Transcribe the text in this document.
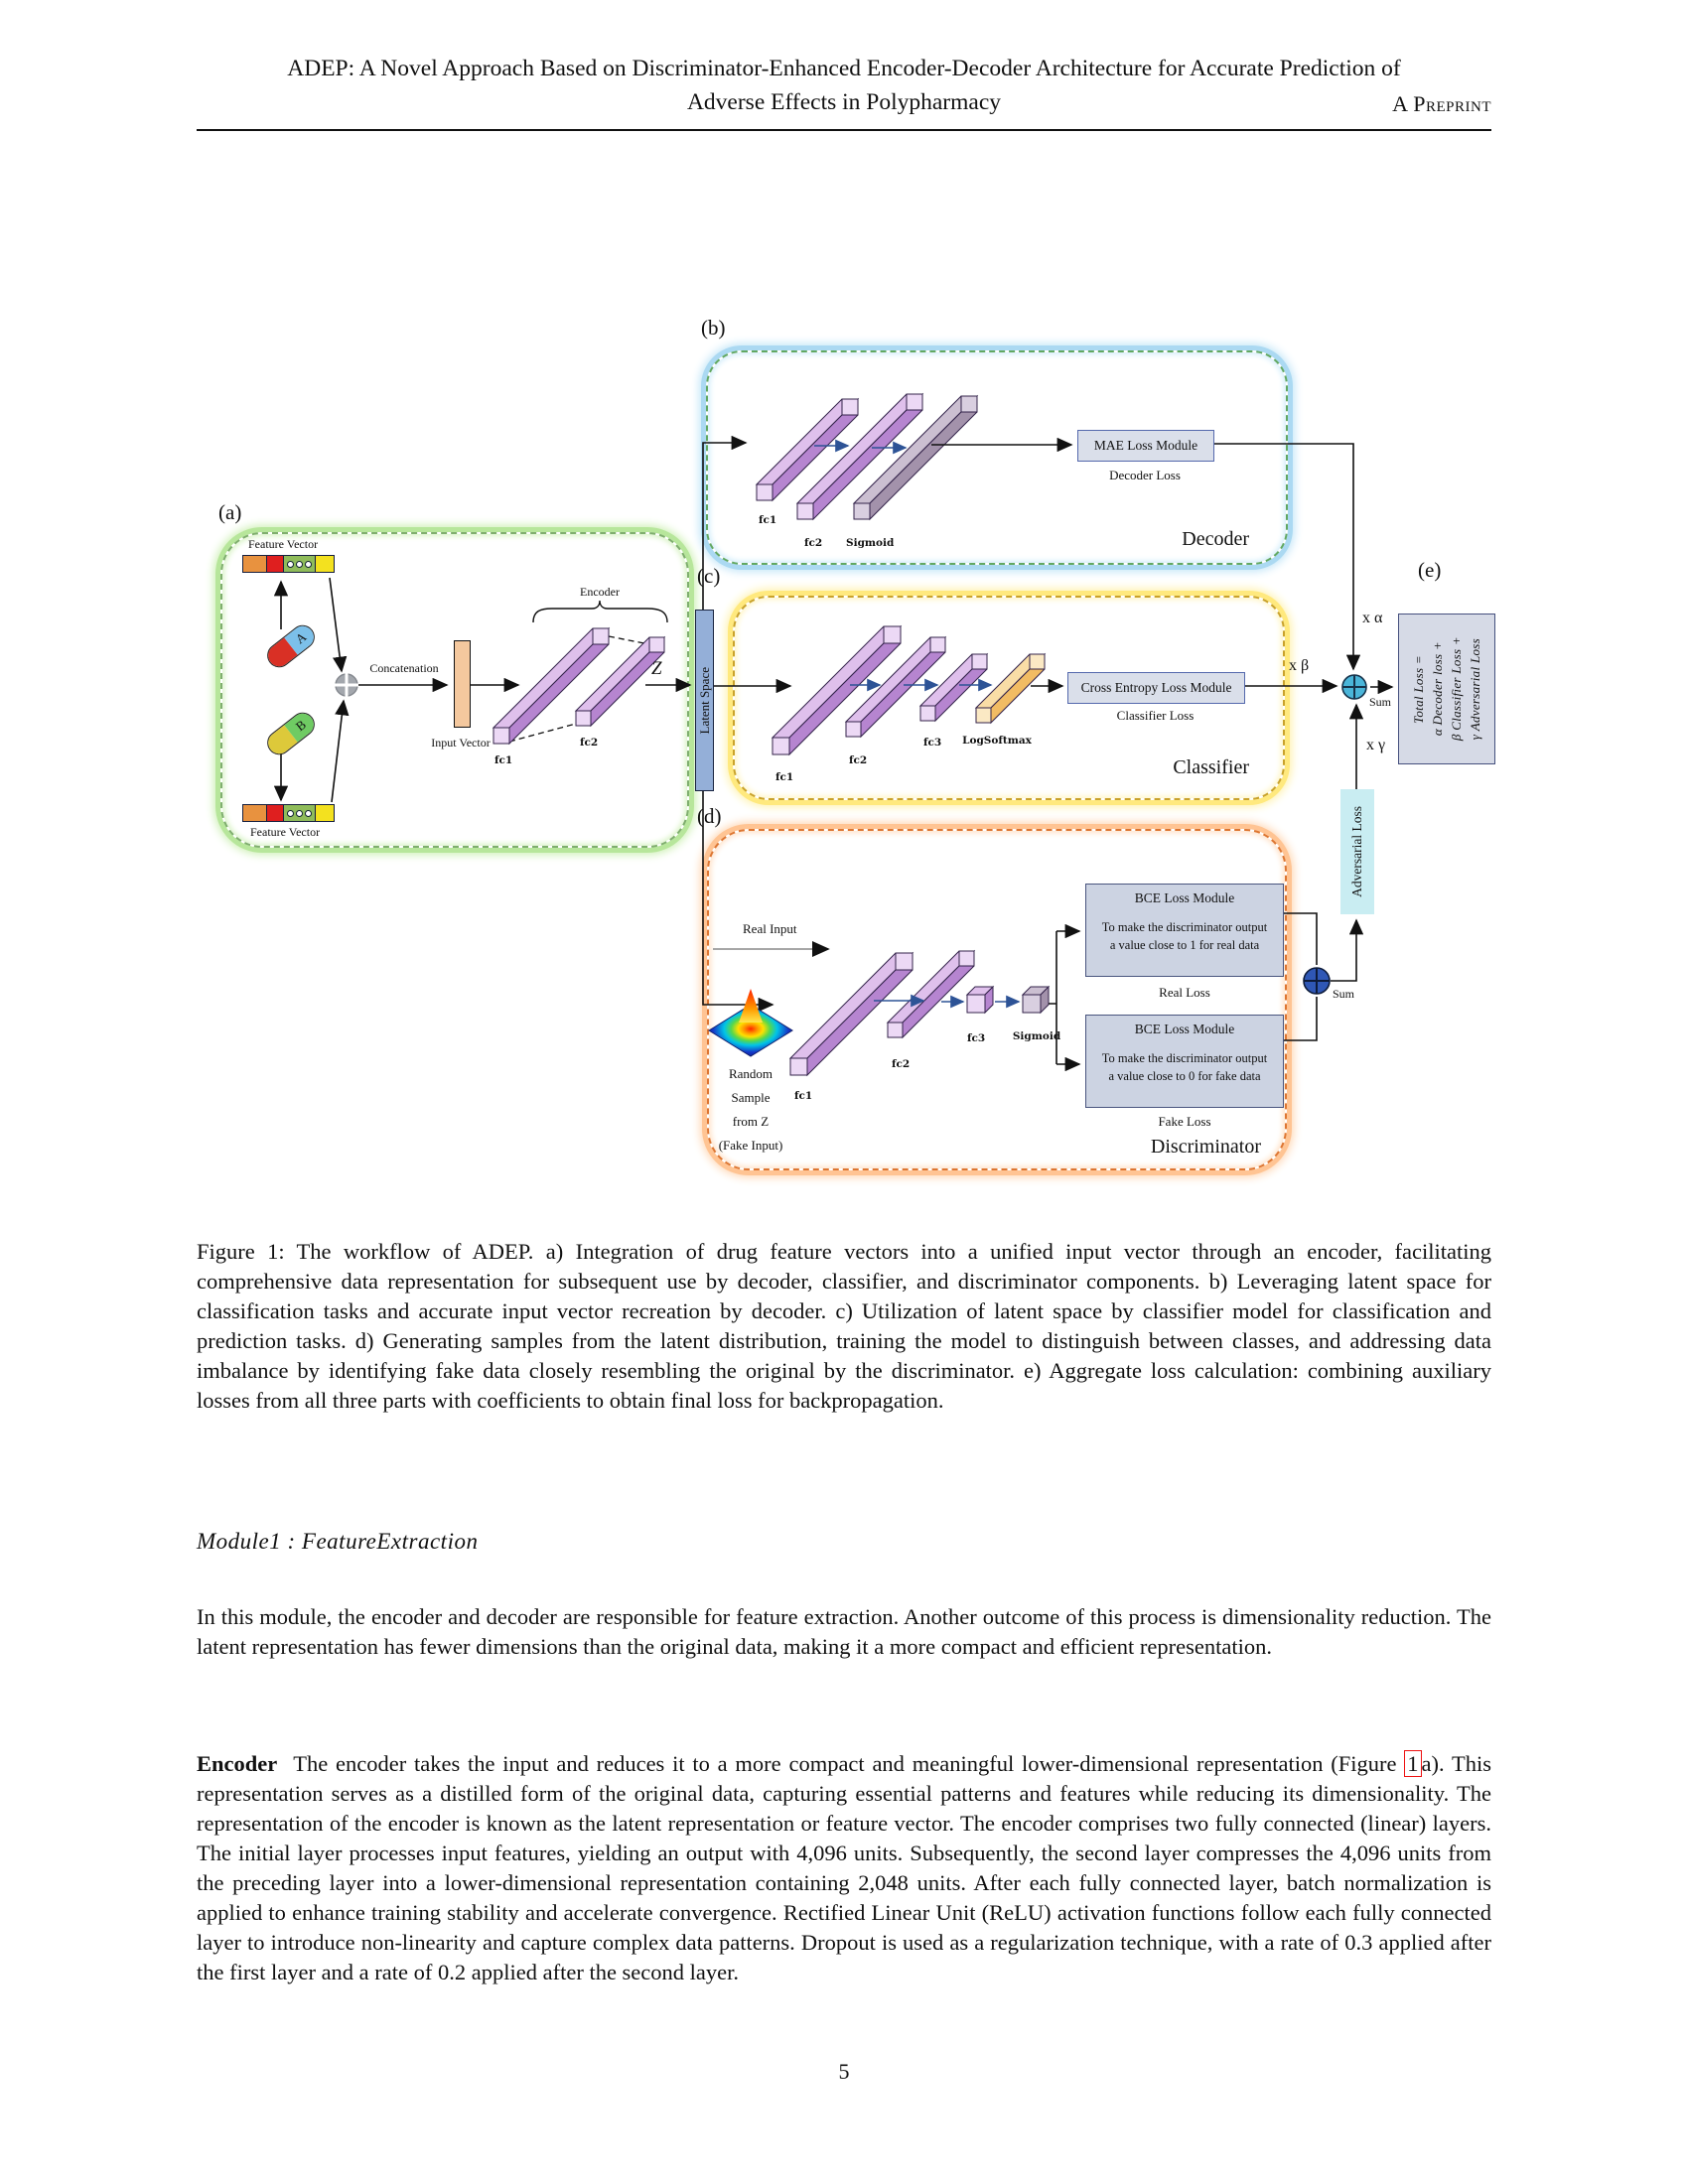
ADEP: A Novel Approach Based on Discriminator-Enhanced Encoder-Decoder Architecture for Accurate Prediction of
Adverse Effects in Polypharmacy	A Preprint
(a)
(b)
(c)
(d)
(e)
Feature Vector
A
B
Feature Vector
Concatenation
Input Vector
Encoder
fc1
fc2
Z	Latent Space
fc1
fc2 Sigmoid
MAE Loss Module
Decoder Loss
Decoder
fc1
fc2
fc3	LogSoftmax
Cross Entropy Loss Module
Classifier Loss
Classifier
Real Input
fc1
fc2
fc3	Sigmoid
BCE Loss Module
To make the discriminator output
a value close to 1 for real data
Real Loss
BCE Loss Module
To make the discriminator output
a value close to 0 for fake data
Fake Loss
Random
Sample
from Z
(Fake Input)	Discriminator
Sum
x α
x β
x γ
Sum
Adversarial Loss
Total Loss = α Decoder loss + β Classifier Loss + γ Adversarial Loss
Figure 1: The workflow of ADEP. a) Integration of drug feature vectors into a unified input vector through an encoder, facilitating comprehensive data representation for subsequent use by decoder, classifier, and discriminator components. b) Leveraging latent space for classification tasks and accurate input vector recreation by decoder. c) Utilization of latent space by classifier model for classification and prediction tasks. d) Generating samples from the latent distribution, training the model to distinguish between classes, and addressing data imbalance by identifying fake data closely resembling the original by the discriminator. e) Aggregate loss calculation: combining auxiliary losses from all three parts with coefficients to obtain final loss for backpropagation.
Module1 : FeatureExtraction
In this module, the encoder and decoder are responsible for feature extraction. Another outcome of this process is dimensionality reduction. The latent representation has fewer dimensions than the original data, making it a more compact and efficient representation.
Encoder The encoder takes the input and reduces it to a more compact and meaningful lower-dimensional representation (Figure 1 a). This representation serves as a distilled form of the original data, capturing essential patterns and features while reducing its dimensionality. The representation of the encoder is known as the latent representation or feature vector. The encoder comprises two fully connected (linear) layers. The initial layer processes input features, yielding an output with 4,096 units. Subsequently, the second layer compresses the 4,096 units from the preceding layer into a lower-dimensional representation containing 2,048 units. After each fully connected layer, batch normalization is applied to enhance training stability and accelerate convergence. Rectified Linear Unit (ReLU) activation functions follow each fully connected layer to introduce non-linearity and capture complex data patterns. Dropout is used as a regularization technique, with a rate of 0.3 applied after the first layer and a rate of 0.2 applied after the second layer.
5
